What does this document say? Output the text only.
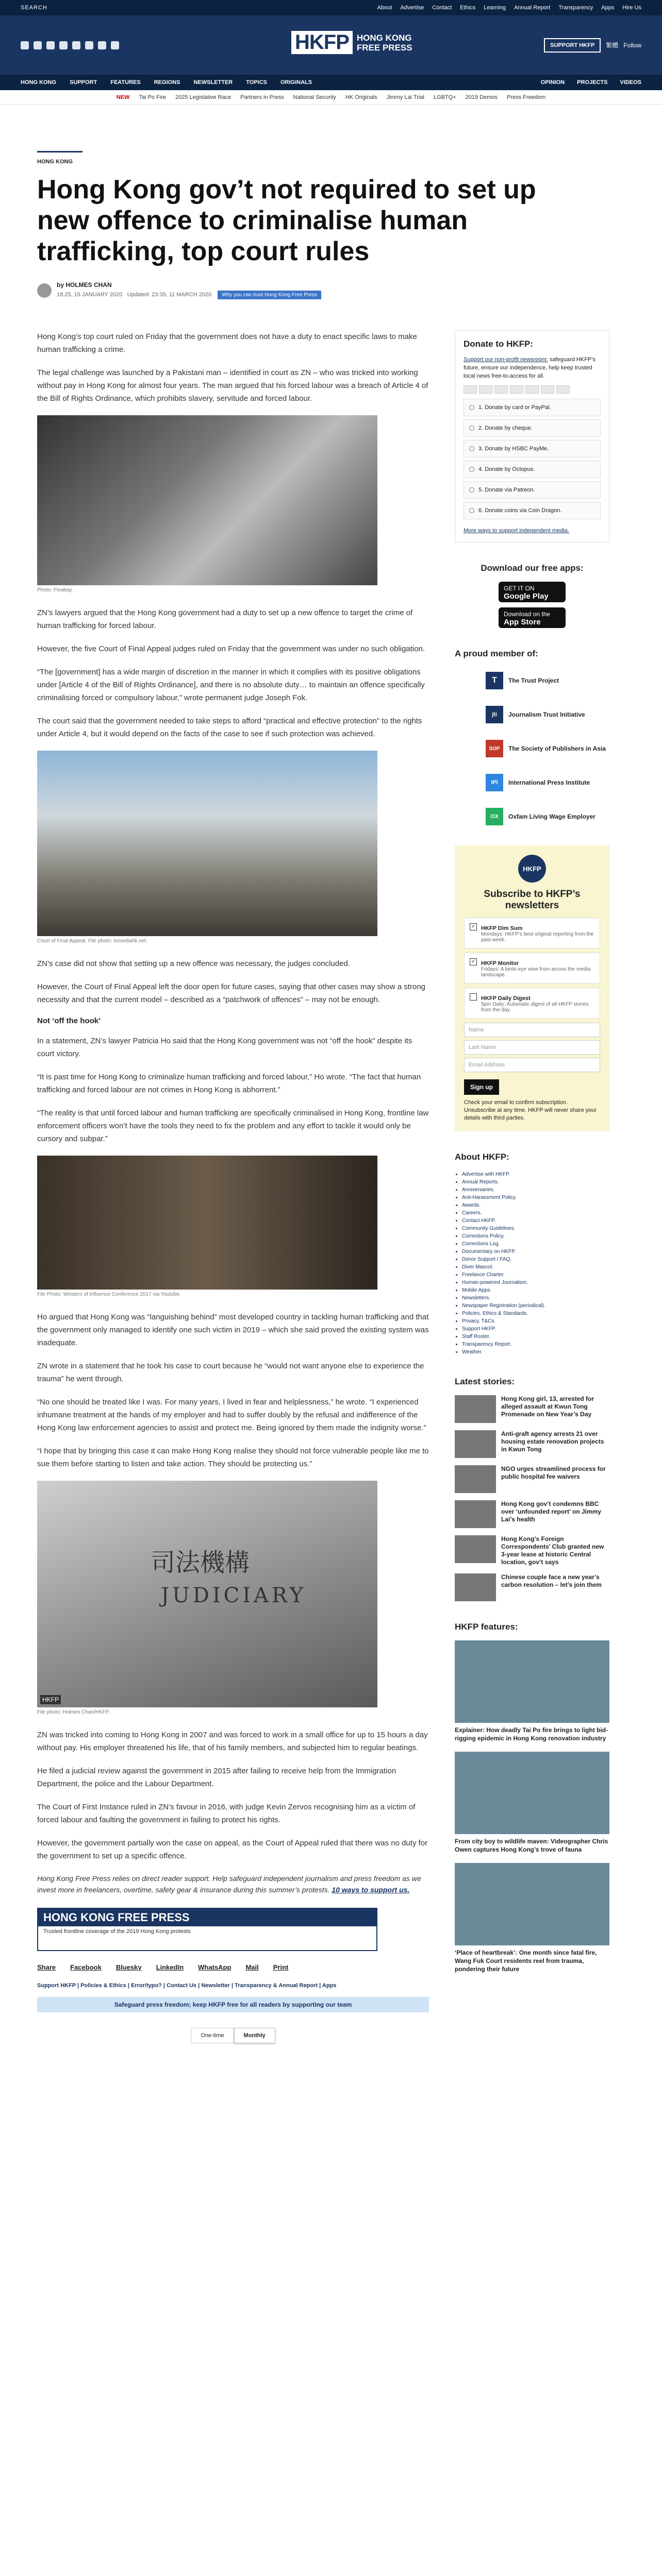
SEARCH	About Advertise Contact Ethics Learning Annual Report Transparency Apps Hire Us
HKFP HONG KONG
FREE PRESS	SUPPORT HKFP	繁體 Follow
HONG KONG SUPPORT FEATURES REGIONS NEWSLETTER TOPICS ORIGINALS	OPINION PROJECTS VIDEOS
NEW Tai Po Fire 2025 Legislative Race Partners in Press National Security HK Originals Jimmy Lai Trial LGBTQ+ 2019 Demos Press Freedom
HONG KONG
Hong Kong gov’t not required to set up new offence to criminalise human trafficking, top court rules
by HOLMES CHAN
18:25, 15 JANUARY 2020 Updated: 23:35, 11 MARCH 2020 Why you can trust Hong Kong Free Press

Hong Kong’s top court ruled on Friday that the government does not have a duty to enact specific laws to make human trafficking a crime.

The legal challenge was launched by a Pakistani man – identified in court as ZN – who was tricked into working without pay in Hong Kong for almost four years. The man argued that his forced labour was a breach of Article 4 of the Bill of Rights Ordinance, which prohibits slavery, servitude and forced labour.

Photo: Pixabay.

ZN’s lawyers argued that the Hong Kong government had a duty to set up a new offence to target the crime of human trafficking for forced labour.

However, the five Court of Final Appeal judges ruled on Friday that the government was under no such obligation.

“The [government] has a wide margin of discretion in the manner in which it complies with its positive obligations under [Article 4 of the Bill of Rights Ordinance], and there is no absolute duty… to maintain an offence specifically criminalising forced or compulsory labour,” wrote permanent judge Joseph Fok.

The court said that the government needed to take steps to afford “practical and effective protection” to the rights under Article 4, but it would depend on the facts of the case to see if such protection was achieved.

Court of Final Appeal. File photo: Inmediahk.net.

ZN’s case did not show that setting up a new offence was necessary, the judges concluded.

However, the Court of Final Appeal left the door open for future cases, saying that other cases may show a strong necessity and that the current model – described as a “patchwork of offences” – may not be enough.

Not ‘off the hook’

In a statement, ZN’s lawyer Patricia Ho said that the Hong Kong government was not “off the hook” despite its court victory.

“It is past time for Hong Kong to criminalize human trafficking and forced labour,” Ho wrote. “The fact that human trafficking and forced labour are not crimes in Hong Kong is abhorrent.”

“The reality is that until forced labour and human trafficking are specifically criminalised in Hong Kong, frontline law enforcement officers won’t have the tools they need to fix the problem and any effort to tackle it would only be cursory and subpar.”

File Photo: Western of Influence Conference 2017 via Youtube.

Ho argued that Hong Kong was “languishing behind” most developed country in tackling human trafficking and that the government only managed to identify one such victim in 2019 – which she said proved the existing system was inadequate.

ZN wrote in a statement that he took his case to court because he “would not want anyone else to experience the trauma” he went through.

“No one should be treated like I was. For many years, I lived in fear and helplessness,” he wrote. “I experienced inhumane treatment at the hands of my employer and had to suffer doubly by the refusal and indifference of the Hong Kong law enforcement agencies to assist and protect me. Being ignored by them made the indignity worse.”

“I hope that by bringing this case it can make Hong Kong realise they should not force vulnerable people like me to sue them before starting to listen and take action. They should be protecting us.”

司法機構
JUDICIARY
HKFP
File photo: Holmes Chan/HKFP.

ZN was tricked into coming to Hong Kong in 2007 and was forced to work in a small office for up to 15 hours a day without pay. His employer threatened his life, that of his family members, and subjected him to regular beatings.

He filed a judicial review against the government in 2015 after failing to receive help from the Immigration Department, the police and the Labour Department.

The Court of First Instance ruled in ZN’s favour in 2016, with judge Kevin Zervos recognising him as a victim of forced labour and faulting the government in failing to protect his rights.

However, the government partially won the case on appeal, as the Court of Appeal ruled that there was no duty for the government to set up a specific offence.

Hong Kong Free Press relies on direct reader support. Help safeguard independent journalism and press freedom as we invest more in freelancers, overtime, safety gear & insurance during this summer’s protests. 10 ways to support us.
HONG KONG FREE PRESS
Trusted frontline coverage of the 2019 Hong Kong protests
Share Facebook Bluesky LinkedIn WhatsApp Mail Print
Support HKFP | Policies & Ethics | Error/typo? | Contact Us | Newsletter | Transparency & Annual Report | Apps
Safeguard press freedom; keep HKFP free for all readers by supporting our team
One-time	Monthly
Donate to HKFP:

Support our non-profit newsroom: safeguard HKFP’s future, ensure our independence, help keep trusted local news free-to-access for all.

1. Donate by card or PayPal.
2. Donate by cheque.
3. Donate by HSBC PayMe.
4. Donate by Octopus.
5. Donate via Patreon.
6. Donate coins via Coin Dragon.
More ways to support independent media.
Download our free apps:
GET IT ON
Google Play
Download on the
App Store
A proud member of:
T	The Trust Project
jti	Journalism Trust Initiative
SOP	The Society of Publishers in Asia
IPI	International Press Institute
OX	Oxfam Living Wage Employer
HKFP
Subscribe to HKFP’s newsletters
✓ HKFP Dim Sum
Mondays: HKFP’s best original reporting from the past week.
✓ HKFP Monitor
Fridays: A birds-eye view from across the media landscape.
HKFP Daily Digest
5pm Daily: Automatic digest of all HKFP stories from the day.
Name
Last Name
Email Address
Sign up

Check your email to confirm subscription. Unsubscribe at any time. HKFP will never share your details with third parties.

About HKFP:
• Advertise with HKFP.
• Annual Reports.
• Anniversaries.
• Anti-Harassment Policy.
• Awards.
• Careers.
• Contact HKFP.
• Community Guidelines.
• Corrections Policy.
• Corrections Log.
• Documentary on HKFP.
• Donor Support / FAQ.
• Diver Mascot.
• Freelance Charter.
• Human-powered Journalism.
• Mobile Apps.
• Newsletters.
• Newspaper Registration (periodical).
• Policies, Ethics & Standards.
• Privacy, T&Cs.
• Support HKFP.
• Staff Roster.
• Transparency Report.
• Weather.
Latest stories:
Hong Kong girl, 13, arrested for alleged assault at Kwun Tong Promenade on New Year’s Day
Anti-graft agency arrests 21 over housing estate renovation projects in Kwun Tong
NGO urges streamlined process for public hospital fee waivers
Hong Kong gov’t condemns BBC over ‘unfounded report’ on Jimmy Lai’s health
Hong Kong’s Foreign Correspondents’ Club granted new 3-year lease at historic Central location, gov’t says
Chinese couple face a new year’s carbon resolution – let’s join them
HKFP features:
Explainer: How deadly Tai Po fire brings to light bid-rigging epidemic in Hong Kong renovation industry
From city boy to wildlife maven: Videographer Chris Owen captures Hong Kong’s trove of fauna
‘Place of heartbreak’: One month since fatal fire, Wang Fuk Court residents reel from trauma, pondering their future
